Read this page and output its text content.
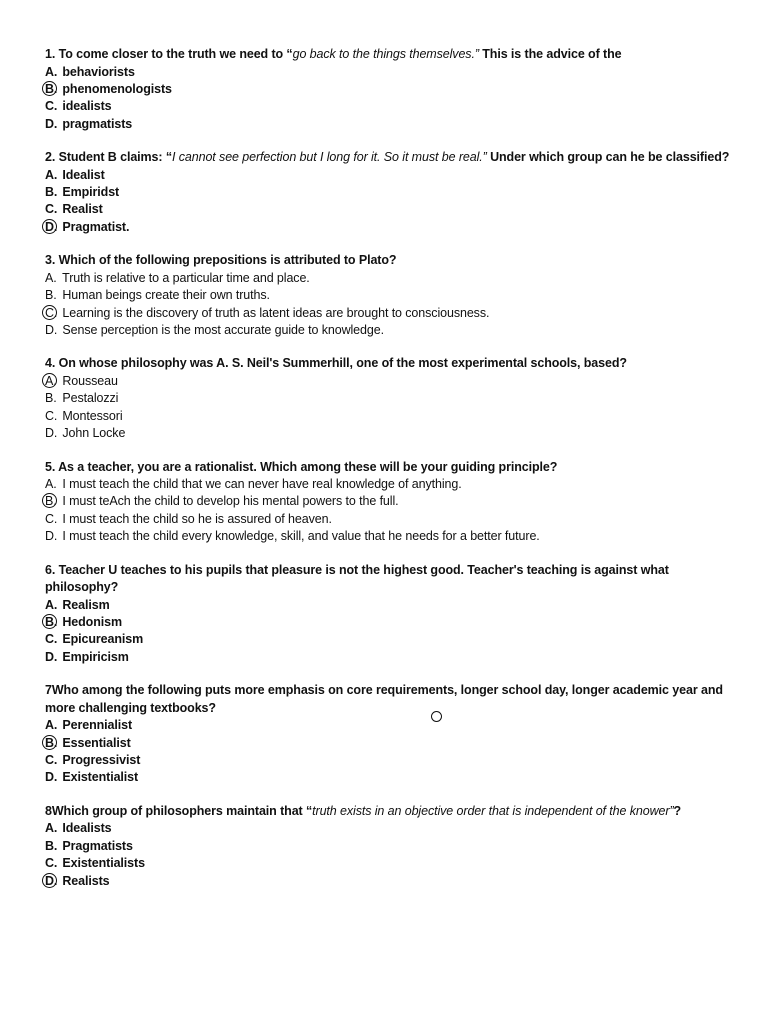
1. To come closer to the truth we need to “go back to the things themselves.” This is the advice of the
A. behaviorists
B.
phenomenologists
C. idealists
D. pragmatists
2. Student B claims: “I cannot see perfection but I long for it. So it must be real.” Under which group can he be classified?
A. Idealist
B. Empiridst
C. Realist
D.
Pragmatist.
3. Which of the following prepositions is attributed to Plato?
A. Truth is relative to a particular time and place.
B. Human beings create their own truths.
C.
Learning is the discovery of truth as latent ideas are brought to consciousness.
D. Sense perception is the most accurate guide to knowledge.
4. On whose philosophy was A. S. Neil's Summerhill, one of the most experimental schools, based?
A.
Rousseau
B. Pestalozzi
C. Montessori
D. John Locke
5. As a teacher, you are a rationalist. Which among these will be your guiding principle?
A. I must teach the child that we can never have real knowledge of anything.
B.
I must teAch the child to develop his mental powers to the full.
C. I must teach the child so he is assured of heaven.
D. I must teach the child every knowledge, skill, and value that he needs for a better future.
6. Teacher U teaches to his pupils that pleasure is not the highest good. Teacher's teaching is against what philosophy?
A. Realism
B.
Hedonism
C. Epicureanism
D. Empiricism
7Who among the following puts more emphasis on core requirements, longer school day, longer academic year and more challenging textbooks?
A. Perennialist
B.
Essentialist
C. Progressivist
D. Existentialist
8Which group of philosophers maintain that “truth exists in an objective order that is independent of the knower”?
A. Idealists
B. Pragmatists
C. Existentialists
D.
Realists
